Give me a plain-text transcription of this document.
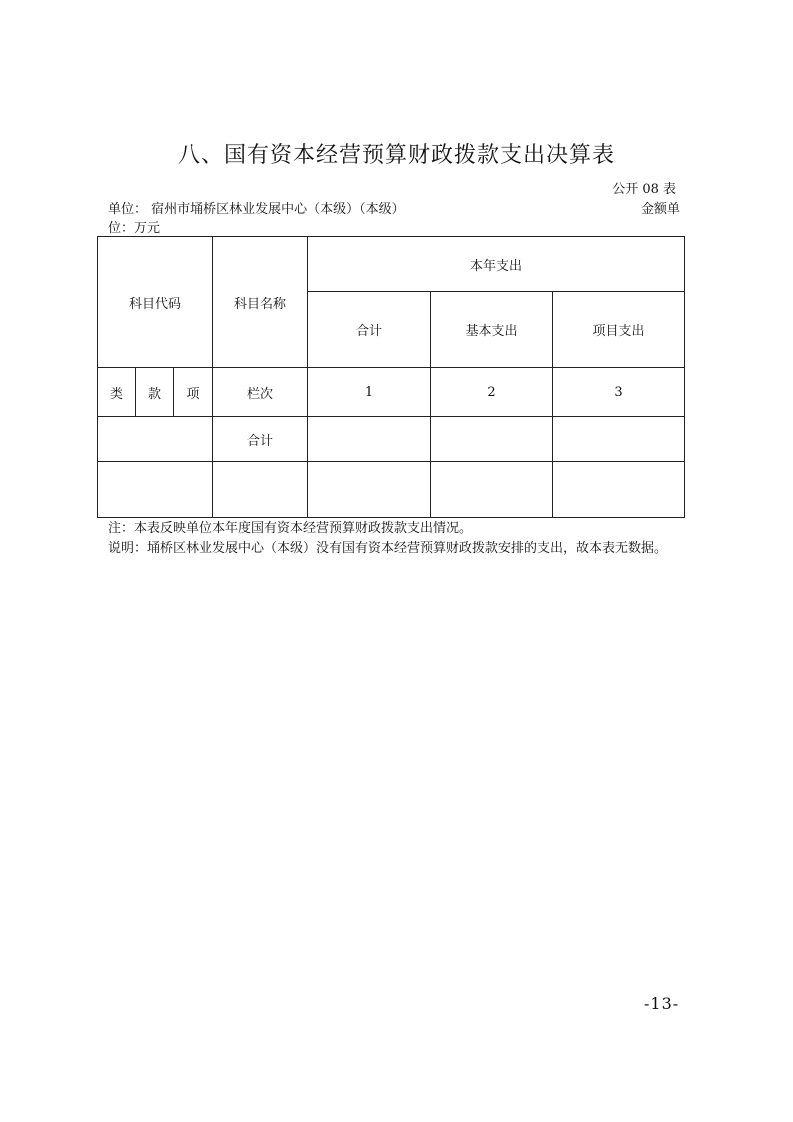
八、国有资本经营预算财政拨款支出决算表
公开 08 表
单位： 宿州市埇桥区林业发展中心（本级）（本级）	金额单
位：万元
科目代码			科目名称	本年支出		
				合计	基本支出	项目支出
类	款	项	栏次	1	2	3
			合计			

注：本表反映单位本年度国有资本经营预算财政拨款支出情况。

说明：埇桥区林业发展中心（本级）没有国有资本经营预算财政拨款安排的支出，故本表无数据。

-13-
